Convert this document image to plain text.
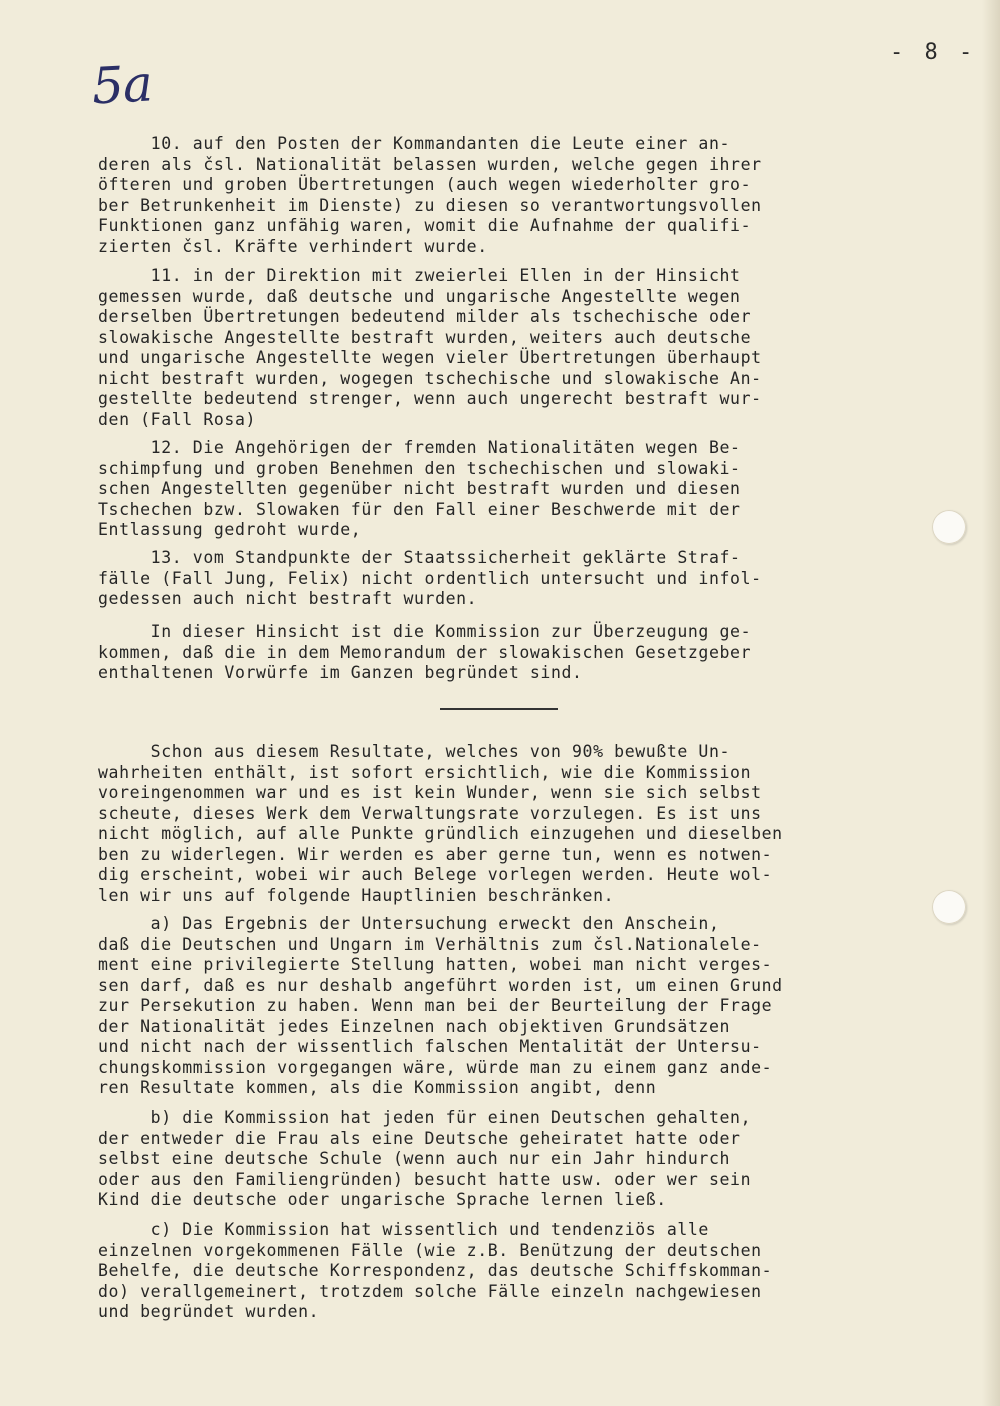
- 8 -
5a
10. auf den Posten der Kommandanten die Leute einer an-
deren als čsl. Nationalität belassen wurden, welche gegen ihrer
öfteren und groben Übertretungen (auch wegen wiederholter gro-
ber Betrunkenheit im Dienste) zu diesen so verantwortungsvollen
Funktionen ganz unfähig waren, womit die Aufnahme der qualifi-
zierten čsl. Kräfte verhindert wurde.
11. in der Direktion mit zweierlei Ellen in der Hinsicht
gemessen wurde, daß deutsche und ungarische Angestellte wegen
derselben Übertretungen bedeutend milder als tschechische oder
slowakische Angestellte bestraft wurden, weiters auch deutsche
und ungarische Angestellte wegen vieler Übertretungen überhaupt
nicht bestraft wurden, wogegen tschechische und slowakische An-
gestellte bedeutend strenger, wenn auch ungerecht bestraft wur-
den (Fall Rosa)
12. Die Angehörigen der fremden Nationalitäten wegen Be-
schimpfung und groben Benehmen den tschechischen und slowaki-
schen Angestellten gegenüber nicht bestraft wurden und diesen
Tschechen bzw. Slowaken für den Fall einer Beschwerde mit der
Entlassung gedroht wurde,
13. vom Standpunkte der Staatssicherheit geklärte Straf-
fälle (Fall Jung, Felix) nicht ordentlich untersucht und infol-
gedessen auch nicht bestraft wurden.
In dieser Hinsicht ist die Kommission zur Überzeugung ge-
kommen, daß die in dem Memorandum der slowakischen Gesetzgeber
enthaltenen Vorwürfe im Ganzen begründet sind.
Schon aus diesem Resultate, welches von 90% bewußte Un-
wahrheiten enthält, ist sofort ersichtlich, wie die Kommission
voreingenommen war und es ist kein Wunder, wenn sie sich selbst
scheute, dieses Werk dem Verwaltungsrate vorzulegen. Es ist uns
nicht möglich, auf alle Punkte gründlich einzugehen und dieselben
ben zu widerlegen. Wir werden es aber gerne tun, wenn es notwen-
dig erscheint, wobei wir auch Belege vorlegen werden. Heute wol-
len wir uns auf folgende Hauptlinien beschränken.
a) Das Ergebnis der Untersuchung erweckt den Anschein,
daß die Deutschen und Ungarn im Verhältnis zum čsl.Nationalele-
ment eine privilegierte Stellung hatten, wobei man nicht verges-
sen darf, daß es nur deshalb angeführt worden ist, um einen Grund
zur Persekution zu haben. Wenn man bei der Beurteilung der Frage
der Nationalität jedes Einzelnen nach objektiven Grundsätzen
und nicht nach der wissentlich falschen Mentalität der Untersu-
chungskommission vorgegangen wäre, würde man zu einem ganz ande-
ren Resultate kommen, als die Kommission angibt, denn
b) die Kommission hat jeden für einen Deutschen gehalten,
der entweder die Frau als eine Deutsche geheiratet hatte oder
selbst eine deutsche Schule (wenn auch nur ein Jahr hindurch
oder aus den Familiengründen) besucht hatte usw. oder wer sein
Kind die deutsche oder ungarische Sprache lernen ließ.
c) Die Kommission hat wissentlich und tendenziös alle
einzelnen vorgekommenen Fälle (wie z.B. Benützung der deutschen
Behelfe, die deutsche Korrespondenz, das deutsche Schiffskomman-
do) verallgemeinert, trotzdem solche Fälle einzeln nachgewiesen
und begründet wurden.
